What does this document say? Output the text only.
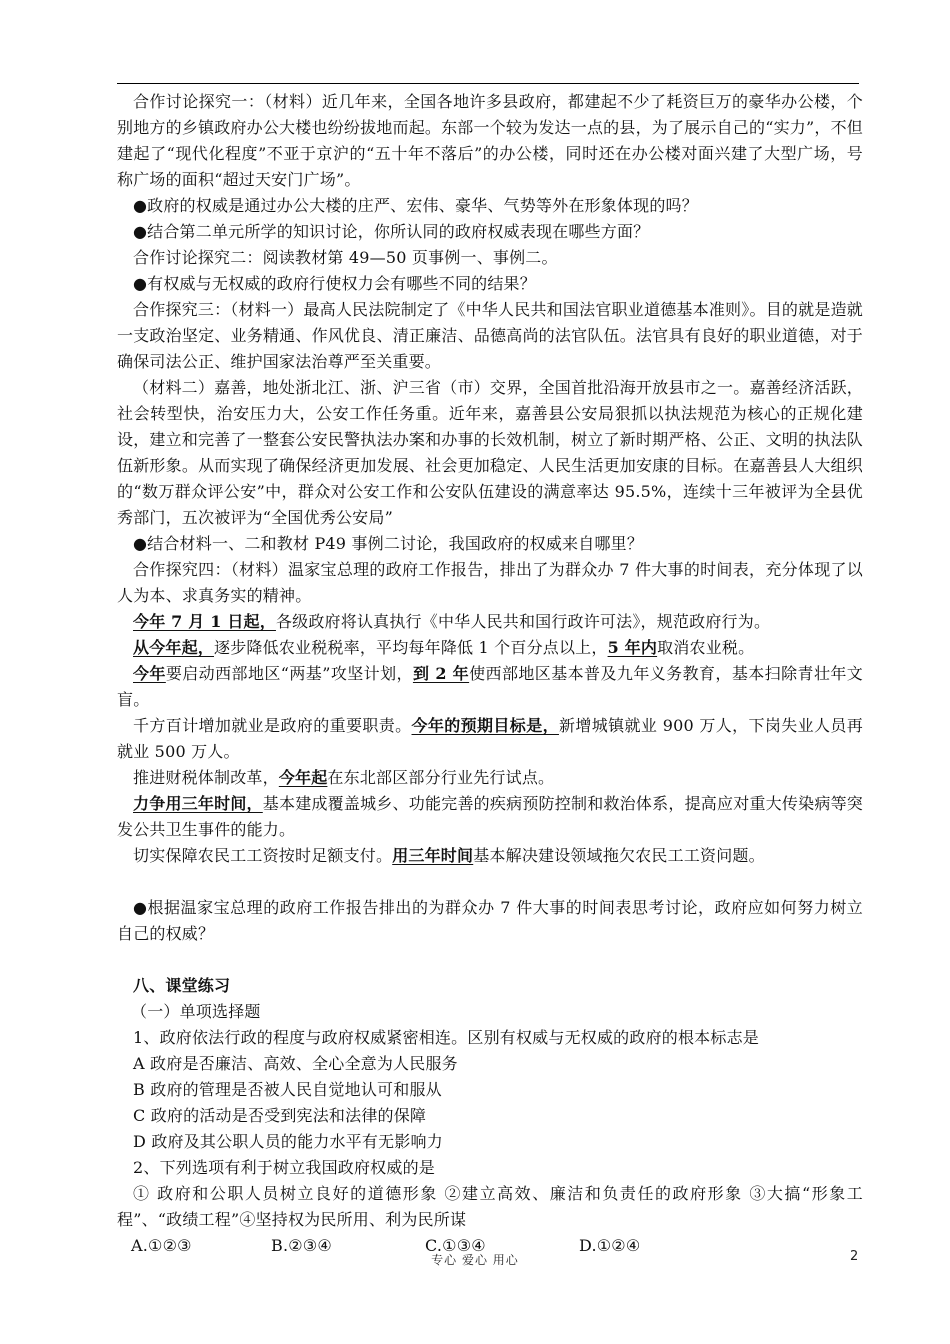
合作讨论探究一：（材料）近几年来，全国各地许多县政府，都建起不少了耗资巨万的豪华办公楼，个别地方的乡镇政府办公大楼也纷纷拔地而起。东部一个较为发达一点的县，为了展示自己的“实力”，不但建起了“现代化程度”不亚于京沪的“五十年不落后”的办公楼，同时还在办公楼对面兴建了大型广场，号称广场的面积“超过天安门广场”。

●政府的权威是通过办公大楼的庄严、宏伟、豪华、气势等外在形象体现的吗？

●结合第二单元所学的知识讨论，你所认同的政府权威表现在哪些方面？

合作讨论探究二：阅读教材第 49—50 页事例一、事例二。

●有权威与无权威的政府行使权力会有哪些不同的结果？

合作探究三：（材料一）最高人民法院制定了《中华人民共和国法官职业道德基本准则》。目的就是造就一支政治坚定、业务精通、作风优良、清正廉洁、品德高尚的法官队伍。法官具有良好的职业道德，对于确保司法公正、维护国家法治尊严至关重要。

（材料二）嘉善，地处浙北江、浙、沪三省（市）交界，全国首批沿海开放县市之一。嘉善经济活跃，社会转型快，治安压力大，公安工作任务重。近年来，嘉善县公安局狠抓以执法规范为核心的正规化建设，建立和完善了一整套公安民警执法办案和办事的长效机制，树立了新时期严格、公正、文明的执法队伍新形象。从而实现了确保经济更加发展、社会更加稳定、人民生活更加安康的目标。在嘉善县人大组织的“数万群众评公安”中，群众对公安工作和公安队伍建设的满意率达 95.5%，连续十三年被评为全县优秀部门，五次被评为“全国优秀公安局”

●结合材料一、二和教材 P49 事例二讨论，我国政府的权威来自哪里？

合作探究四：（材料）温家宝总理的政府工作报告，排出了为群众办 7 件大事的时间表，充分体现了以人为本、求真务实的精神。

今年 7 月 1 日起，各级政府将认真执行《中华人民共和国行政许可法》，规范政府行为。

从今年起，逐步降低农业税税率，平均每年降低 1 个百分点以上，5 年内取消农业税。

今年要启动西部地区“两基”攻坚计划，到 2 年使西部地区基本普及九年义务教育，基本扫除青壮年文盲。

千方百计增加就业是政府的重要职责。今年的预期目标是，新增城镇就业 900 万人，下岗失业人员再就业 500 万人。

推进财税体制改革，今年起在东北部区部分行业先行试点。

力争用三年时间，基本建成覆盖城乡、功能完善的疾病预防控制和救治体系，提高应对重大传染病等突发公共卫生事件的能力。

切实保障农民工工资按时足额支付。用三年时间基本解决建设领域拖欠农民工工资问题。

●根据温家宝总理的政府工作报告排出的为群众办 7 件大事的时间表思考讨论，政府应如何努力树立自己的权威？

八、课堂练习

（一）单项选择题

1、政府依法行政的程度与政府权威紧密相连。区别有权威与无权威的政府的根本标志是

A 政府是否廉洁、高效、全心全意为人民服务

B 政府的管理是否被人民自觉地认可和服从

C 政府的活动是否受到宪法和法律的保障

D 政府及其公职人员的能力水平有无影响力

2、下列选项有利于树立我国政府权威的是

① 政府和公职人员树立良好的道德形象 ②建立高效、廉洁和负责任的政府形象 ③大搞“形象工程”、“政绩工程”④坚持权为民所用、利为民所谋

A.①②③	B.②③④	C.①③④	D.①②④
专心 爱心 用心	2
